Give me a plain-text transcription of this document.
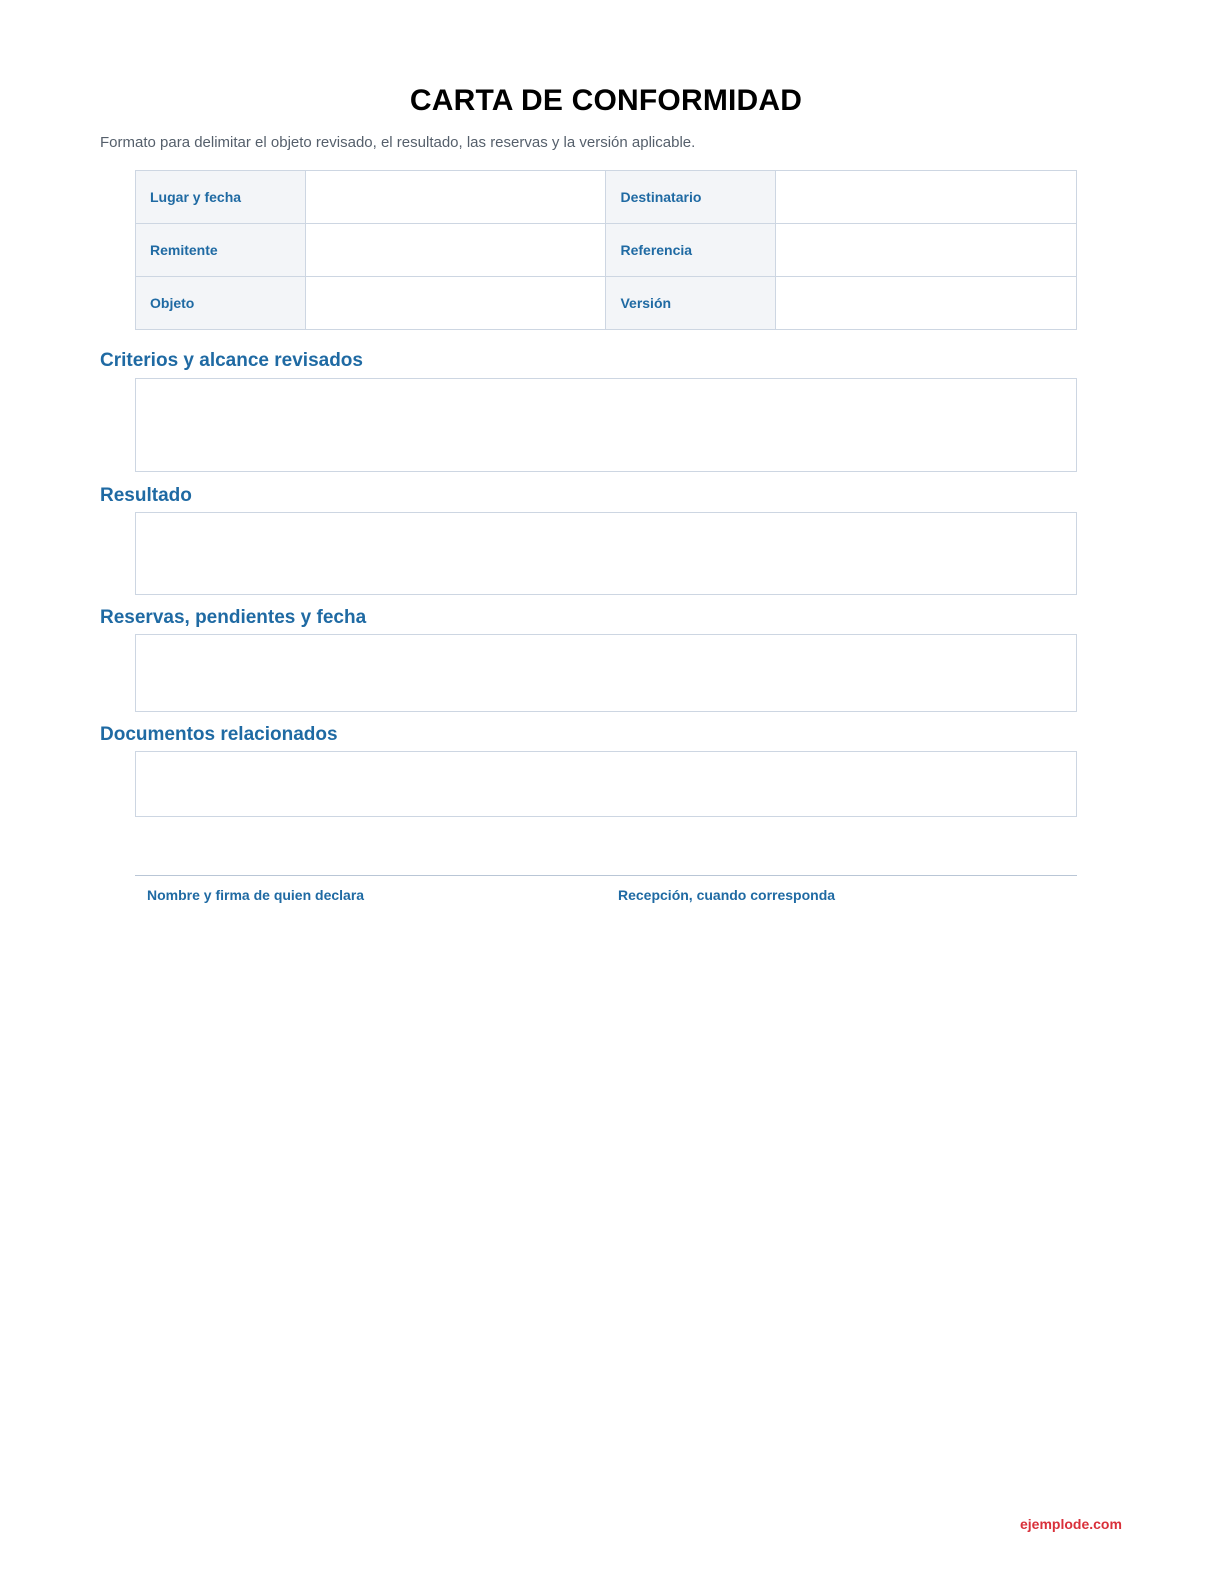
CARTA DE CONFORMIDAD
Formato para delimitar el objeto revisado, el resultado, las reservas y la versión aplicable.
Lugar y fecha		Destinatario	
Remitente		Referencia	
Objeto		Versión	
Criterios y alcance revisados
Resultado
Reservas, pendientes y fecha
Documentos relacionados
Nombre y firma de quien declara	Recepción, cuando corresponda
ejemplode.com
